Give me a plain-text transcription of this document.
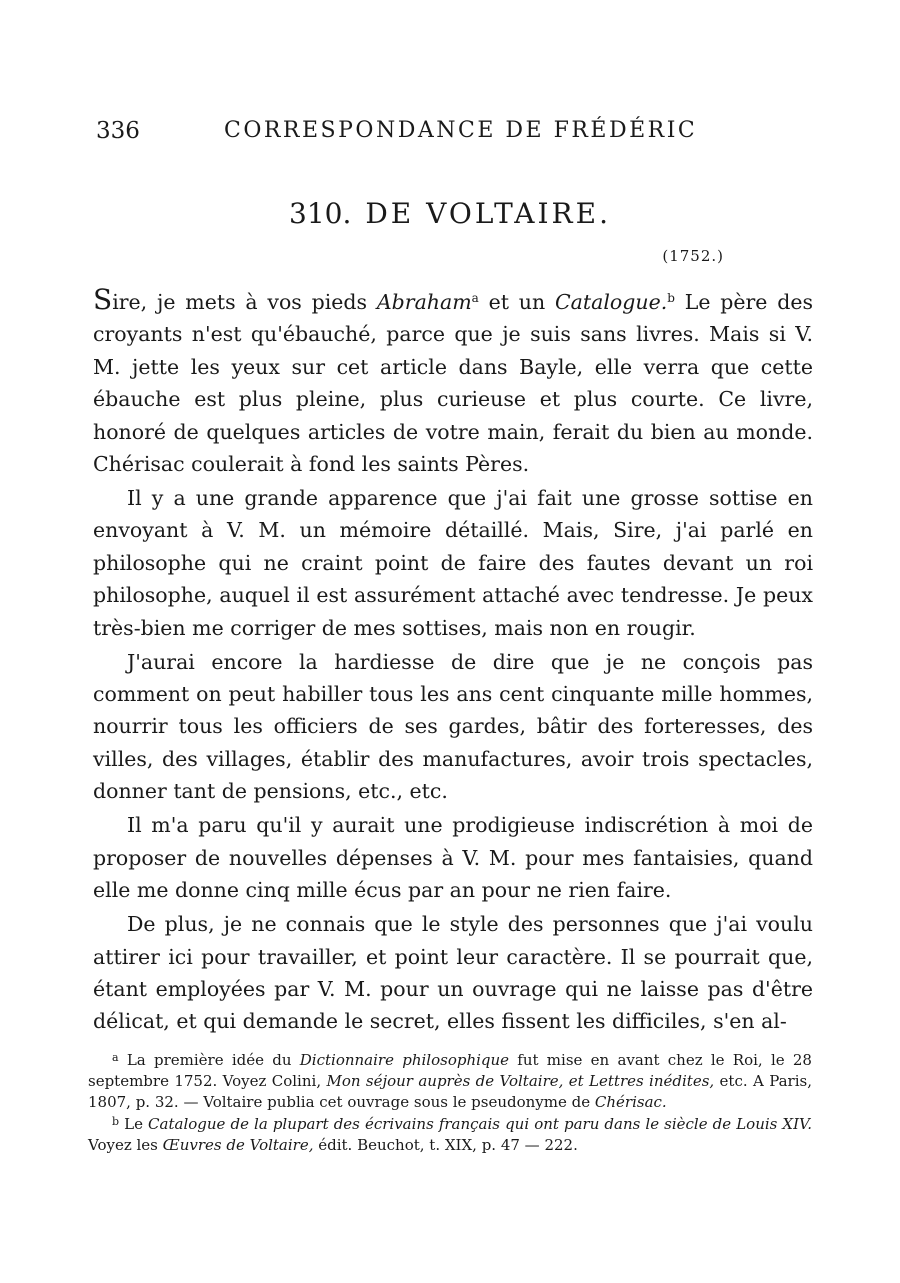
336	CORRESPONDANCE DE FRÉDÉRIC
310. DE VOLTAIRE.
(1752.)

Sire, je mets à vos pieds Abraham$^a$ et un Catalogue.$^b$ Le père des croyants n'est qu'ébauché, parce que je suis sans livres. Mais si V. M. jette les yeux sur cet article dans Bayle, elle verra que cette ébauche est plus pleine, plus curieuse et plus courte. Ce livre, honoré de quelques articles de votre main, ferait du bien au monde. Chérisac coulerait à fond les saints Pères.

Il y a une grande apparence que j'ai fait une grosse sottise en envoyant à V. M. un mémoire détaillé. Mais, Sire, j'ai parlé en philosophe qui ne craint point de faire des fautes devant un roi philosophe, auquel il est assurément attaché avec tendresse. Je peux très-bien me corriger de mes sottises, mais non en rougir.

J'aurai encore la hardiesse de dire que je ne conçois pas comment on peut habiller tous les ans cent cinquante mille hommes, nourrir tous les officiers de ses gardes, bâtir des forteresses, des villes, des villages, établir des manufactures, avoir trois spectacles, donner tant de pensions, etc., etc.

Il m'a paru qu'il y aurait une prodigieuse indiscrétion à moi de proposer de nouvelles dépenses à V. M. pour mes fantaisies, quand elle me donne cinq mille écus par an pour ne rien faire.

De plus, je ne connais que le style des personnes que j'ai voulu attirer ici pour travailler, et point leur caractère. Il se pourrait que, étant employées par V. M. pour un ouvrage qui ne laisse pas d'être délicat, et qui demande le secret, elles fissent les difficiles, s'en al-

$^a$ La première idée du Dictionnaire philosophique fut mise en avant chez le Roi, le 28 septembre 1752. Voyez Colini, Mon séjour auprès de Voltaire, et Lettres inédites, etc. A Paris, 1807, p. 32. — Voltaire publia cet ouvrage sous le pseudonyme de Chérisac.

$^b$ Le Catalogue de la plupart des écrivains français qui ont paru dans le siècle de Louis XIV. Voyez les Œuvres de Voltaire, édit. Beuchot, t. XIX, p. 47 — 222.
